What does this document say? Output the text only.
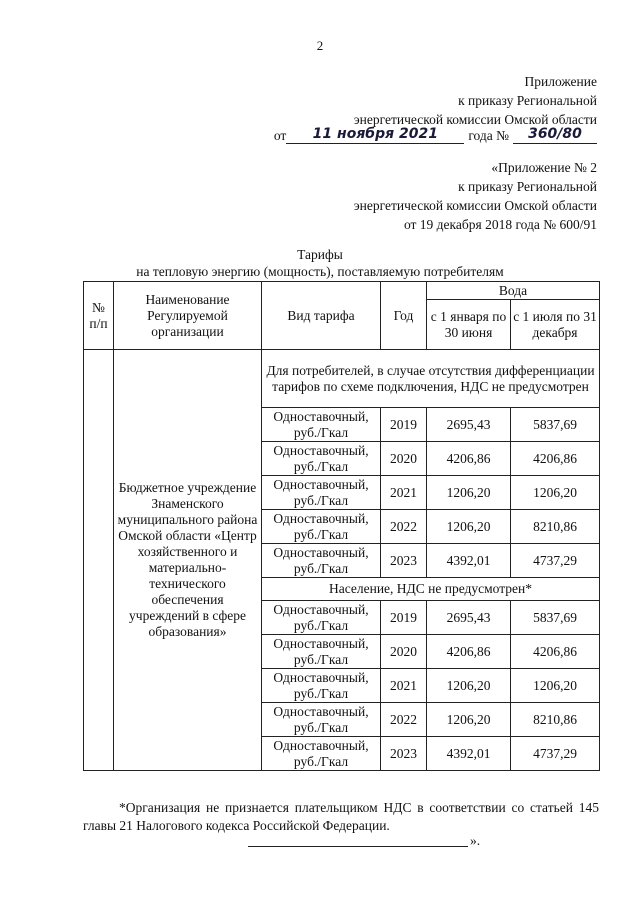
2
Приложение
к приказу Региональной
энергетической комиссии Омской области
от	11 ноября 2021	года №	360/80
«Приложение № 2
к приказу Региональной
энергетической комиссии Омской области
от 19 декабря 2018 года № 600/91
Тарифы
на тепловую энергию (мощность), поставляемую потребителям
№ п/п	Наименование Регулируемой организации	Вид тарифа	Год	Вода	
				с 1 января по 30 июня	с 1 июля по 31 декабря
	Бюджетное учреждение Знаменского муниципального района Омской области «Центр хозяйственного и материально-технического обеспечения учреждений в сфере образования»	Для потребителей, в случае отсутствия дифференциации тарифов по схеме подключения, НДС не предусмотрен			
		Одноставочный, руб./Гкал	2019	2695,43	5837,69
		Одноставочный, руб./Гкал	2020	4206,86	4206,86
		Одноставочный, руб./Гкал	2021	1206,20	1206,20
		Одноставочный, руб./Гкал	2022	1206,20	8210,86
		Одноставочный, руб./Гкал	2023	4392,01	4737,29
		Население, НДС не предусмотрен*			
		Одноставочный, руб./Гкал	2019	2695,43	5837,69
		Одноставочный, руб./Гкал	2020	4206,86	4206,86
		Одноставочный, руб./Гкал	2021	1206,20	1206,20
		Одноставочный, руб./Гкал	2022	1206,20	8210,86
		Одноставочный, руб./Гкал	2023	4392,01	4737,29
*Организация не признается плательщиком НДС в соответствии со статьей 145 главы 21 Налогового кодекса Российской Федерации.
».
